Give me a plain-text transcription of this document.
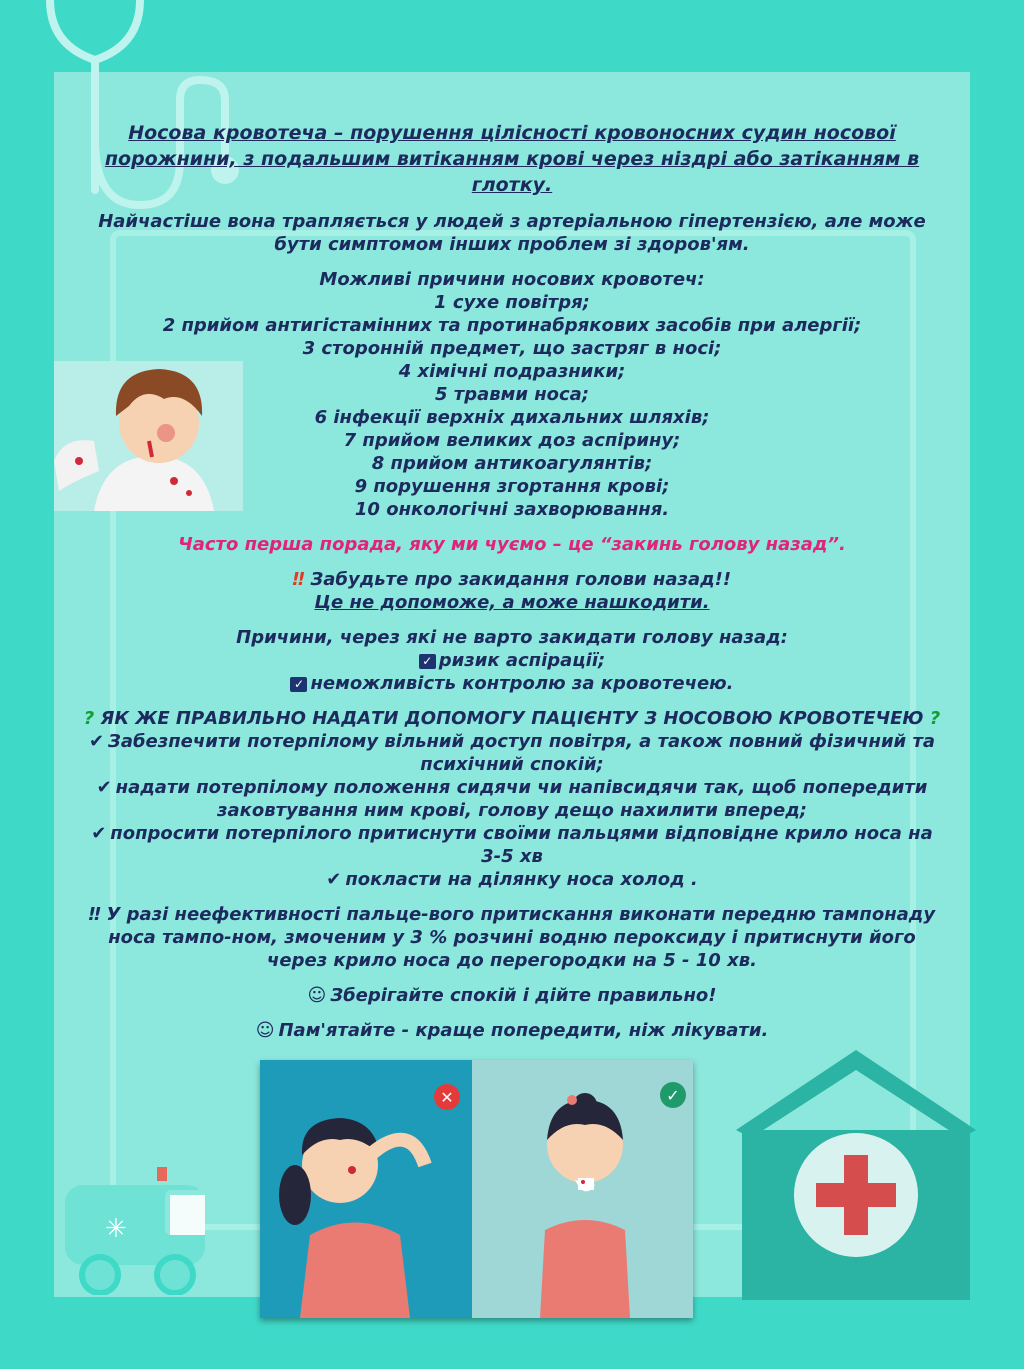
Носова кровотеча – порушення цілісності кровоносних судин носової порожнини, з подальшим витіканням крові через ніздрі або затіканням в глотку.

Найчастіше вона трапляється у людей з артеріальною гіпертензією, але може бути симптомом інших проблем зі здоров'ям.

Можливі причини носових кровотеч:

1 сухе повітря;

2 прийом антигістамінних та протинабрякових засобів при алергії;

3 сторонній предмет, що застряг в носі;

4 хімічні подразники;

5 травми носа;

6 інфекції верхніх дихальних шляхів;

7 прийом великих доз аспірину;

8 прийом антикоагулянтів;

9 порушення згортання крові;

10 онкологічні захворювання.

Часто перша порада, яку ми чуємо – це “закинь голову назад”.

‼ Забудьте про закидання голови назад!!

Це не допоможе, а може нашкодити.

Причини, через які не варто закидати голову назад:

✓ ризик аспірації;

✓ неможливість контролю за кровотечею.

? ЯК ЖЕ ПРАВИЛЬНО НАДАТИ ДОПОМОГУ ПАЦІЄНТУ З НОСОВОЮ КРОВОТЕЧЕЮ ?

✔ Забезпечити потерпілому вільний доступ повітря, а також повний фізичний та психічний спокій;

✔ надати потерпілому положення сидячи чи напівсидячи так, щоб попередити заковтування ним крові, голову дещо нахилити вперед;

✔ попросити потерпілого притиснути своїми пальцями відповідне крило носа на 3-5 хв

✔ покласти на ділянку носа холод .

‼ У разі неефективності пальце-вого притискання виконати передню тампонаду носа тампо-ном, змоченим у 3 % розчині водню пероксиду і притиснути його через крило носа до перегородки на 5 - 10 хв.

☺ Зберігайте спокій і дійте правильно!

☺ Пам'ятайте - краще попередити, ніж лікувати.

✕	✓
✳
